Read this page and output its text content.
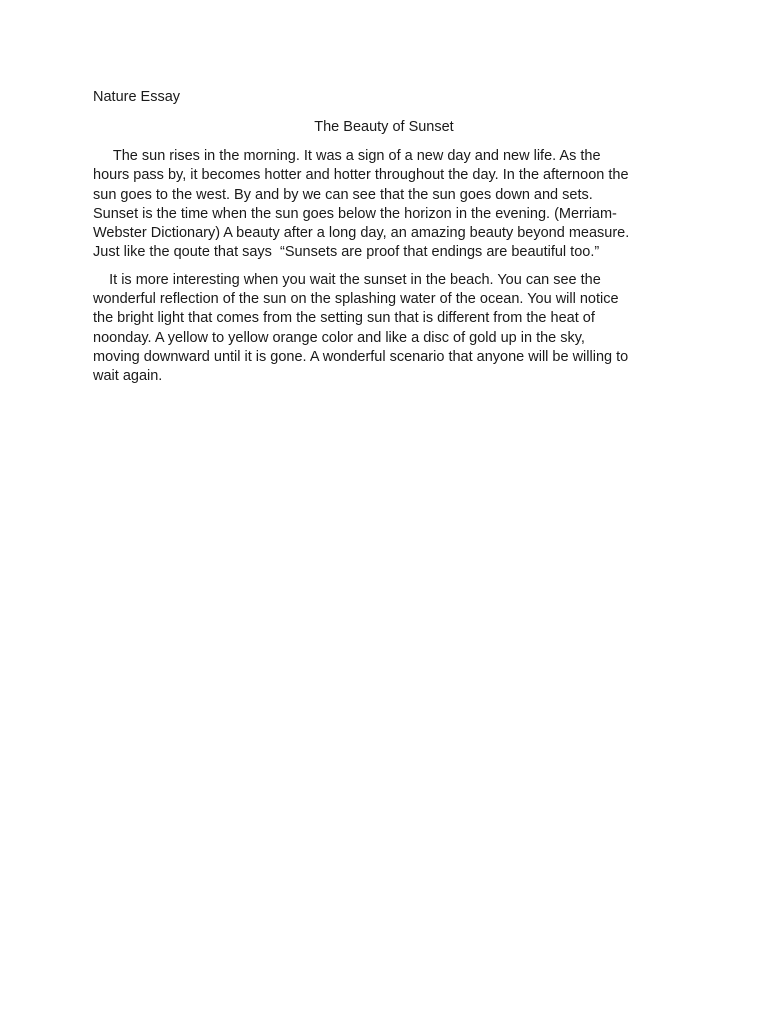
Nature Essay
The Beauty of Sunset

The sun rises in the morning. It was a sign of a new day and new life. As the
hours pass by, it becomes hotter and hotter throughout the day. In the afternoon the
sun goes to the west. By and by we can see that the sun goes down and sets.
Sunset is the time when the sun goes below the horizon in the evening. (Merriam-
Webster Dictionary) A beauty after a long day, an amazing beauty beyond measure.
Just like the qoute that says  “Sunsets are proof that endings are beautiful too.”

It is more interesting when you wait the sunset in the beach. You can see the
wonderful reflection of the sun on the splashing water of the ocean. You will notice
the bright light that comes from the setting sun that is different from the heat of
noonday. A yellow to yellow orange color and like a disc of gold up in the sky,
moving downward until it is gone. A wonderful scenario that anyone will be willing to
wait again.
